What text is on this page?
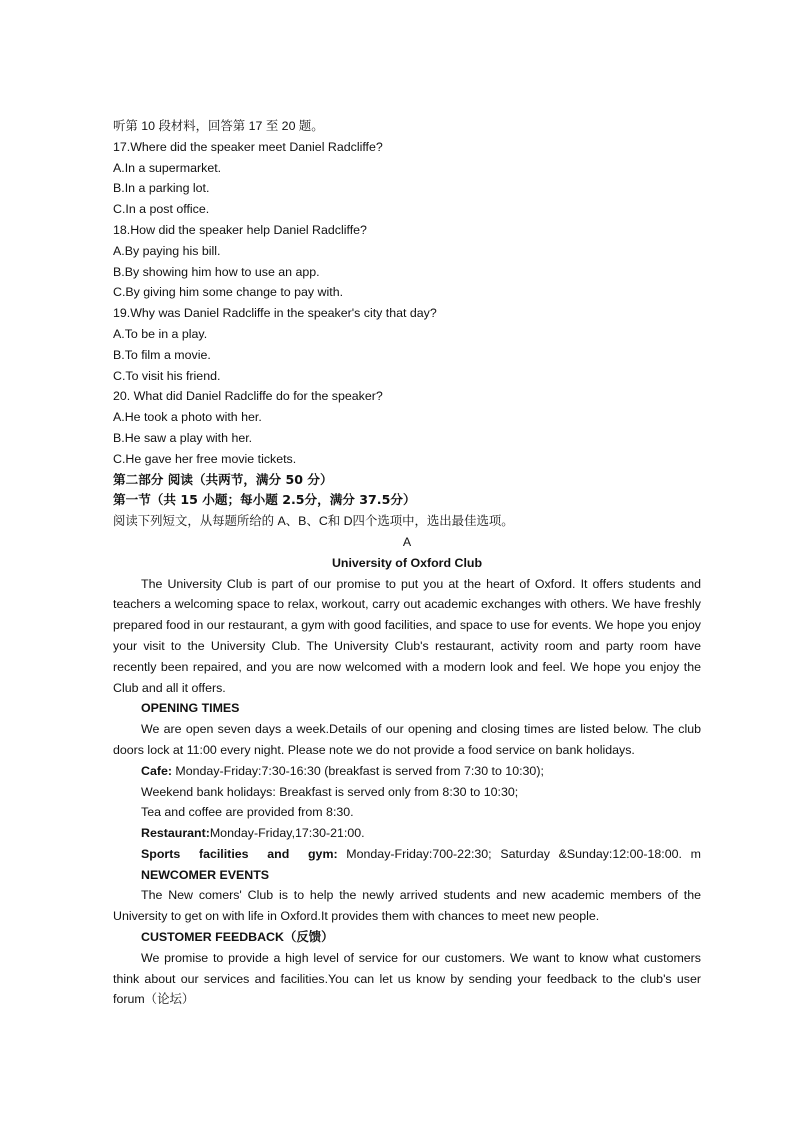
听第 10 段材料，回答第 17 至 20 题。
17.Where did the speaker meet Daniel Radcliffe?
A.In a supermarket.
B.In a parking lot.
C.In a post office.
18.How did the speaker help Daniel Radcliffe?
A.By paying his bill.
B.By showing him how to use an app.
C.By giving him some change to pay with.
19.Why was Daniel Radcliffe in the speaker's city that day?
A.To be in a play.
B.To film a movie.
C.To visit his friend.
20. What did Daniel Radcliffe do for the speaker?
A.He took a photo with her.
B.He saw a play with her.
C.He gave her free movie tickets.
第二部分 阅读（共两节，满分 50 分）
第一节（共 15 小题；每小题 2.5分，满分 37.5分）
阅读下列短文，从每题所给的 A、B、C和 D四个选项中，选出最佳选项。
A
University of Oxford Club
The University Club is part of our promise to put you at the heart of Oxford. It offers students and teachers a welcoming space to relax, workout, carry out academic exchanges with others. We have freshly prepared food in our restaurant, a gym with good facilities, and space to use for events. We hope you enjoy your visit to the University Club. The University Club's restaurant, activity room and party room have recently been repaired, and you are now welcomed with a modern look and feel. We hope you enjoy the Club and all it offers.
OPENING TIMES
We are open seven days a week.Details of our opening and closing times are listed below. The club doors lock at 11:00 every night. Please note we do not provide a food service on bank holidays.
Cafe: Monday-Friday:7:30-16:30 (breakfast is served from 7:30 to 10:30);
Weekend bank holidays: Breakfast is served only from 8:30 to 10:30;
Tea and coffee are provided from 8:30.
Restaurant:Monday-Friday,17:30-21:00.
Sports facilities and gym: Monday-Friday:700-22:30; Saturday &Sunday:12:00-18:00. m
NEWCOMER EVENTS
The New comers' Club is to help the newly arrived students and new academic members of the University to get on with life in Oxford.It provides them with chances to meet new people.
CUSTOMER FEEDBACK（反馈）
We promise to provide a high level of service for our customers. We want to know what customers think about our services and facilities.You can let us know by sending your feedback to the club's user forum（论坛）
